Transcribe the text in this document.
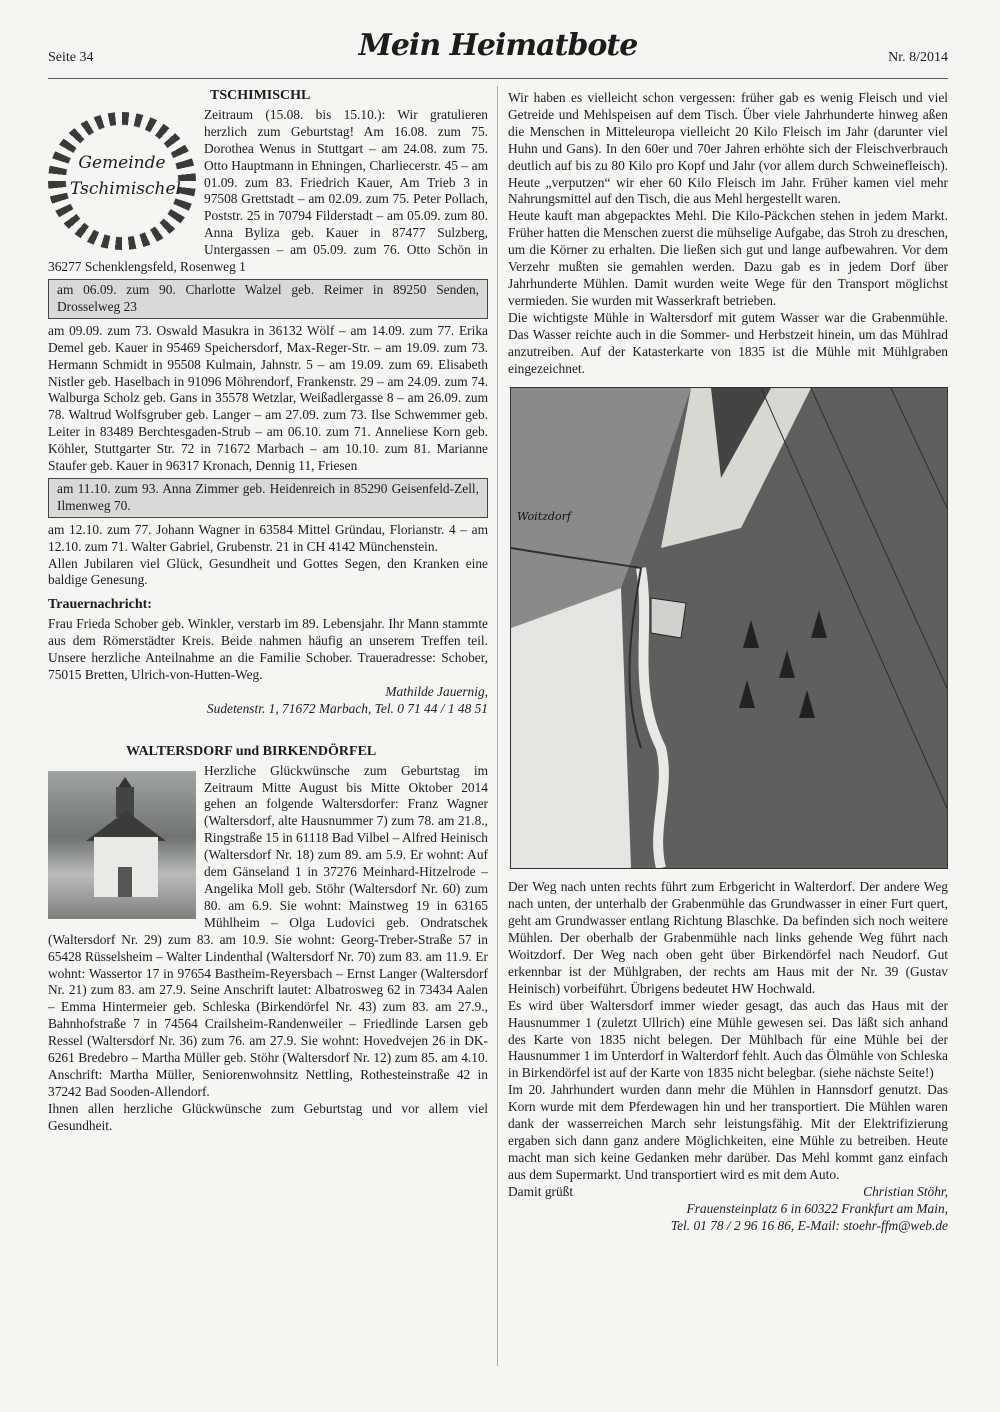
Seite 34	Mein Heimatbote	Nr. 8/2014
Gemeinde
Tschimischel
TSCHIMISCHL

Zeitraum (15.08. bis 15.10.): Wir gratulieren herzlich zum Geburtstag! Am 16.08. zum 75. Dorothea Wenus in Stuttgart – am 24.08. zum 75. Otto Hauptmann in Ehningen, Charliecerstr. 45 – am 01.09. zum 83. Friedrich Kauer, Am Trieb 3 in 97508 Grettstadt – am 02.09. zum 75. Peter Pollach, Poststr. 25 in 70794 Filderstadt – am 05.09. zum 80. Anna Byliza geb. Kauer in 87477 Sulzberg, Untergassen – am 05.09. zum 76. Otto Schön in 36277 Schenklengsfeld, Rosenweg 1

am 06.09. zum 90. Charlotte Walzel geb. Reimer in 89250 Senden, Drosselweg 23

am 09.09. zum 73. Oswald Masukra in 36132 Wölf – am 14.09. zum 77. Erika Demel geb. Kauer in 95469 Speichersdorf, Max-Reger-Str. – am 19.09. zum 73. Hermann Schmidt in 95508 Kulmain, Jahnstr. 5 – am 19.09. zum 69. Elisabeth Nistler geb. Haselbach in 91096 Möhrendorf, Frankenstr. 29 – am 24.09. zum 74. Walburga Scholz geb. Gans in 35578 Wetzlar, Weißadlergasse 8 – am 26.09. zum 78. Waltrud Wolfsgruber geb. Langer – am 27.09. zum 73. Ilse Schwemmer geb. Leiter in 83489 Berchtesgaden-Strub – am 06.10. zum 71. Anneliese Korn geb. Köhler, Stuttgarter Str. 72 in 71672 Marbach – am 10.10. zum 81. Marianne Staufer geb. Kauer in 96317 Kronach, Dennig 11, Friesen

am 11.10. zum 93. Anna Zimmer geb. Heidenreich in 85290 Geisenfeld-Zell, Ilmenweg 70.

am 12.10. zum 77. Johann Wagner in 63584 Mittel Gründau, Florianstr. 4 – am 12.10. zum 71. Walter Gabriel, Grubenstr. 21 in CH 4142 Münchenstein.

Allen Jubilaren viel Glück, Gesundheit und Gottes Segen, den Kranken eine baldige Genesung.

Trauernachricht:

Frau Frieda Schober geb. Winkler, verstarb im 89. Lebensjahr. Ihr Mann stammte aus dem Römerstädter Kreis. Beide nahmen häufig an unserem Treffen teil. Unsere herzliche Anteilnahme an die Familie Schober. Traueradresse: Schober, 75015 Bretten, Ulrich-von-Hutten-Weg.

Mathilde Jauernig,

Sudetenstr. 1, 71672 Marbach, Tel. 0 71 44 / 1 48 51

WALTERSDORF und BIRKENDÖRFEL

Herzliche Glückwünsche zum Geburtstag im Zeitraum Mitte August bis Mitte Oktober 2014 gehen an folgende Waltersdorfer: Franz Wagner (Waltersdorf, alte Hausnummer 7) zum 78. am 21.8., Ringstraße 15 in 61118 Bad Vilbel – Alfred Heinisch (Waltersdorf Nr. 18) zum 89. am 5.9. Er wohnt: Auf dem Gänseland 1 in 37276 Meinhard-Hitzelrode – Angelika Moll geb. Stöhr (Waltersdorf Nr. 60) zum 80. am 6.9. Sie wohnt: Mainstweg 19 in 63165 Mühlheim – Olga Ludovici geb. Ondratschek (Waltersdorf Nr. 29) zum 83. am 10.9. Sie wohnt: Georg-Treber-Straße 57 in 65428 Rüsselsheim – Walter Lindenthal (Waltersdorf Nr. 70) zum 83. am 11.9. Er wohnt: Wassertor 17 in 97654 Bastheim-Reyersbach – Ernst Langer (Waltersdorf Nr. 21) zum 83. am 27.9. Seine Anschrift lautet: Albatrosweg 62 in 73434 Aalen – Emma Hintermeier geb. Schleska (Birkendörfel Nr. 43) zum 83. am 27.9., Bahnhofstraße 7 in 74564 Crailsheim-Randenweiler – Friedlinde Larsen geb Ressel (Waltersdorf Nr. 36) zum 76. am 27.9. Sie wohnt: Hovedvejen 26 in DK-6261 Bredebro – Martha Müller geb. Stöhr (Waltersdorf Nr. 12) zum 85. am 4.10. Anschrift: Martha Müller, Seniorenwohnsitz Nettling, Rothesteinstraße 42 in 37242 Bad Sooden-Allendorf.

Ihnen allen herzliche Glückwünsche zum Geburtstag und vor allem viel Gesundheit.

Wir haben es vielleicht schon vergessen: früher gab es wenig Fleisch und viel Getreide und Mehlspeisen auf dem Tisch. Über viele Jahrhunderte hinweg aßen die Menschen in Mitteleuropa vielleicht 20 Kilo Fleisch im Jahr (darunter viel Huhn und Gans). In den 60er und 70er Jahren erhöhte sich der Fleischverbrauch deutlich auf bis zu 80 Kilo pro Kopf und Jahr (vor allem durch Schweinefleisch). Heute „verputzen“ wir eher 60 Kilo Fleisch im Jahr. Früher kamen viel mehr Nahrungsmittel auf den Tisch, die aus Mehl hergestellt waren.

Heute kauft man abgepacktes Mehl. Die Kilo-Päckchen stehen in jedem Markt. Früher hatten die Menschen zuerst die mühselige Aufgabe, das Stroh zu dreschen, um die Körner zu erhalten. Die ließen sich gut und lange aufbewahren. Vor dem Verzehr mußten sie gemahlen werden. Dazu gab es in jedem Dorf über Jahrhunderte Mühlen. Damit wurden weite Wege für den Transport möglichst vermieden. Sie wurden mit Wasserkraft betrieben.

Die wichtigste Mühle in Waltersdorf mit gutem Wasser war die Grabenmühle. Das Wasser reichte auch in die Sommer- und Herbstzeit hinein, um das Mühlrad anzutreiben. Auf der Katasterkarte von 1835 ist die Mühle mit Mühlgraben eingezeichnet.

Woitzdorf

Der Weg nach unten rechts führt zum Erbgericht in Walterdorf. Der andere Weg nach unten, der unterhalb der Grabenmühle das Grundwasser in einer Furt quert, geht am Grundwasser entlang Richtung Blaschke. Da befinden sich noch weitere Mühlen. Der oberhalb der Grabenmühle nach links gehende Weg führt nach Woitzdorf. Der Weg nach oben geht über Birkendörfel nach Neudorf. Gut erkennbar ist der Mühlgraben, der rechts am Haus mit der Nr. 39 (Gustav Heinisch) vorbeiführt. Übrigens bedeutet HW Hochwald.

Es wird über Waltersdorf immer wieder gesagt, das auch das Haus mit der Hausnummer 1 (zuletzt Ullrich) eine Mühle gewesen sei. Das läßt sich anhand des Karte von 1835 nicht belegen. Der Mühlbach für eine Mühle bei der Hausnummer 1 im Unterdorf in Walterdorf fehlt. Auch das Ölmühle von Schleska in Birkendörfel ist auf der Karte von 1835 nicht belegbar. (siehe nächste Seite!)

Im 20. Jahrhundert wurden dann mehr die Mühlen in Hannsdorf genutzt. Das Korn wurde mit dem Pferdewagen hin und her transportiert. Die Mühlen waren dank der wasserreichen March sehr leistungsfähig. Mit der Elektrifizierung ergaben sich dann ganz andere Möglichkeiten, eine Mühle zu betreiben. Heute macht man sich keine Gedanken mehr darüber. Das Mehl kommt ganz einfach aus dem Supermarkt. Und transportiert wird es mit dem Auto.

Damit grüßt	Christian Stöhr,

Frauensteinplatz 6 in 60322 Frankfurt am Main,

Tel. 01 78 / 2 96 16 86, E-Mail: stoehr-ffm@web.de
